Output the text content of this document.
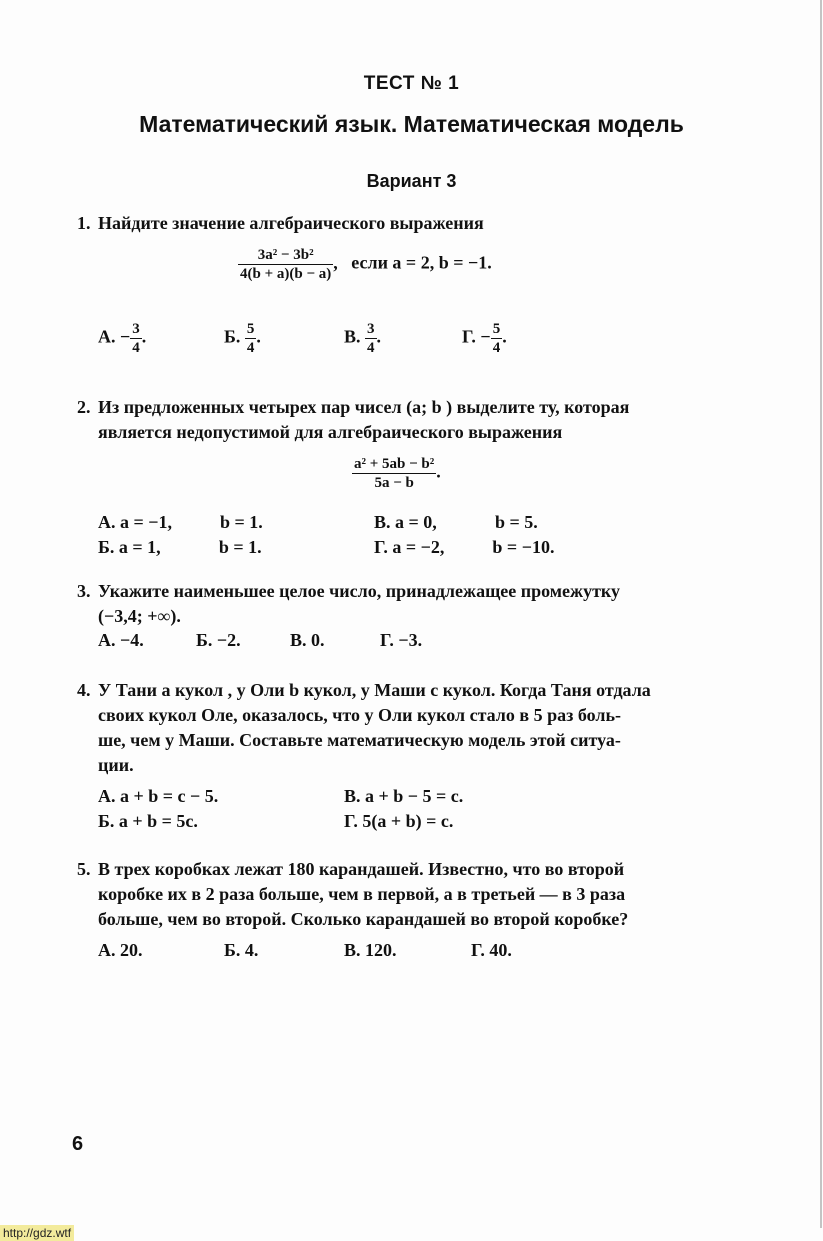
ТЕСТ № 1
Математический язык. Математическая модель
Вариант 3
1. Найдите значение алгебраического выражения
$\frac{\text{3a² − 3b²}}{4(b + a)(b - a)}$ , если a = 2, b = −1.
А. − $\frac{3}{4}$ .	Б. $\frac{5}{4}$ .	В. $\frac{3}{4}$ .	Г. − $\frac{5}{4}$ .
2. Из предложенных четырех пар чисел (a; b ) выделите ту, которая
является недопустимой для алгебраического выражения
$\frac{\text{a² + 5ab − b²}}{5a - b}$ .
А. a = −1,	b = 1.	В. a = 0,	b = 5.
Б. a = 1,	b = 1.	Г. a = −2,	b = −10.
3. Укажите наименьшее целое число, принадлежащее промежутку
(−3,4; +∞).
А. −4.	Б. −2.	В. 0.	Г. −3.
4. У Тани a кукол , у Оли b кукол, у Маши c кукол. Когда Таня отдала
своих кукол Оле, оказалось, что у Оли кукол стало в 5 раз боль-
ше, чем у Маши. Составьте математическую модель этой ситуа-
ции.
А. a + b = c − 5.	В. a + b − 5 = c.
Б. a + b = 5c.	Г. 5(a + b) = c.
5. В трех коробках лежат 180 карандашей. Известно, что во второй
коробке их в 2 раза больше, чем в первой, а в третьей — в 3 раза
больше, чем во второй. Сколько карандашей во второй коробке?
А. 20.	Б. 4.	В. 120.	Г. 40.
6
http://gdz.wtf
